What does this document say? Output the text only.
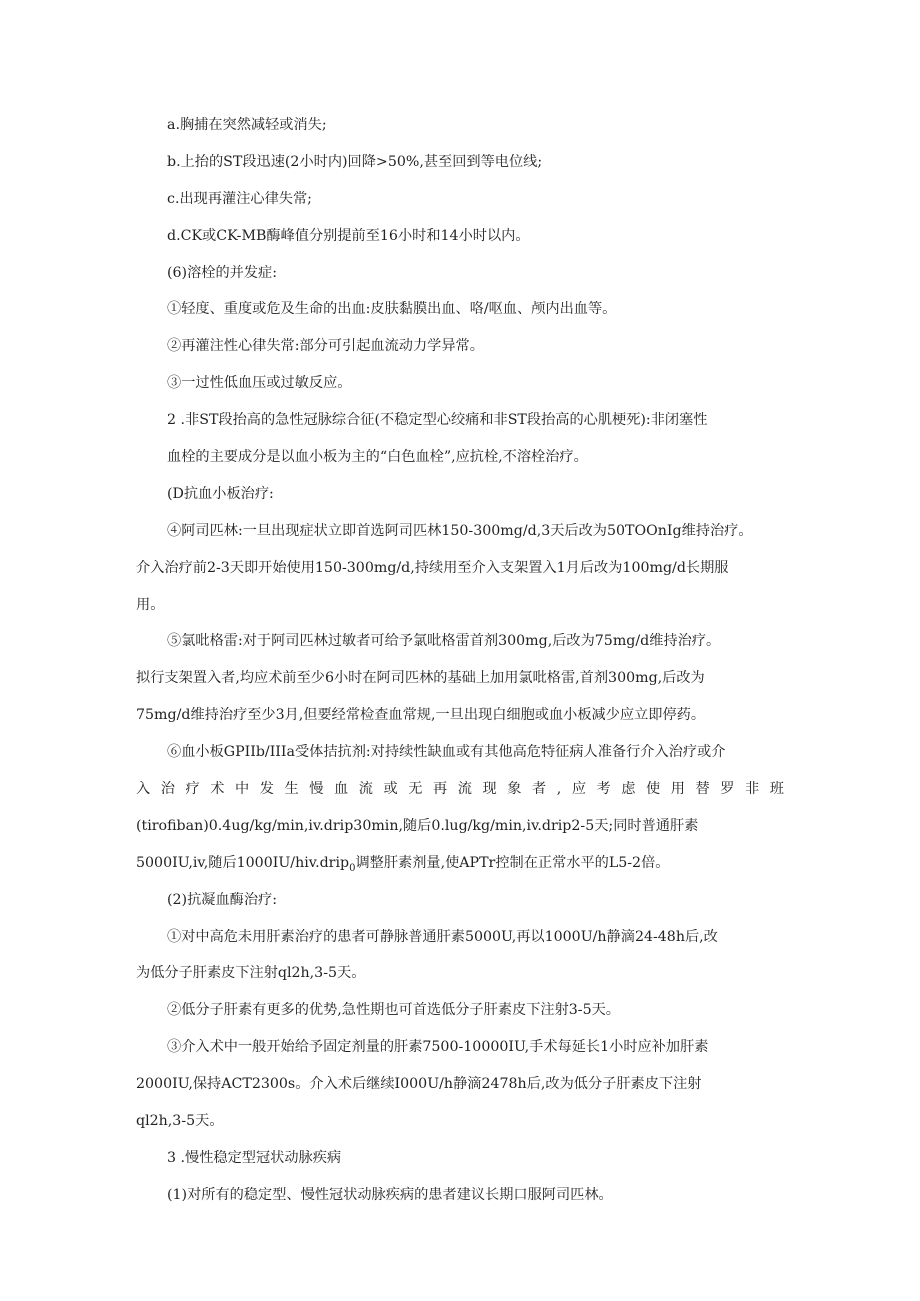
a.胸捕在突然减轻或消失;
b.上抬的ST段迅速(2小时内)回降>50%,甚至回到等电位线;
c.出现再灌注心律失常;
d.CK或CK-MB酶峰值分别提前至16小时和14小时以内。
(6)溶栓的并发症:
①轻度、重度或危及生命的出血:皮肤黏膜出血、咯/呕血、颅内出血等。
②再灌注性心律失常:部分可引起血流动力学异常。
③一过性低血压或过敏反应。
2 .非ST段抬高的急性冠脉综合征(不稳定型心绞痛和非ST段抬高的心肌梗死):非闭塞性
血栓的主要成分是以血小板为主的“白色血栓”,应抗栓,不溶栓治疗。
(D抗血小板治疗:
④阿司匹林:一旦出现症状立即首选阿司匹林150-300mg/d,3天后改为50TOOnIg维持治疗。
介入治疗前2-3天即开始使用150-300mg/d,持续用至介入支架置入1月后改为100mg/d长期服
用。
⑤氯吡格雷:对于阿司匹林过敏者可给予氯吡格雷首剂300mg,后改为75mg/d维持治疗。
拟行支架置入者,均应术前至少6小时在阿司匹林的基础上加用氯吡格雷,首剂300mg,后改为
75mg/d维持治疗至少3月,但要经常检查血常规,一旦出现白细胞或血小板减少应立即停药。
⑥血小板GPIIb/IIIa受体拮抗剂:对持续性缺血或有其他高危特征病人准备行介入治疗或介
入治疗术中发生慢血流或无再流现象者,应考虑使用替罗非班
(tirofiban)0.4ug/kg/min,iv.drip30min,随后0.lug/kg/min,iv.drip2-5天;同时普通肝素
5000IU,iv,随后1000IU/hiv.drip$_0$调整肝素剂量,使APTr控制在正常水平的L5-2倍。
(2)抗凝血酶治疗:
①对中高危未用肝素治疗的患者可静脉普通肝素5000U,再以1000U/h静滴24-48h后,改
为低分子肝素皮下注射ql2h,3-5天。
②低分子肝素有更多的优势,急性期也可首选低分子肝素皮下注射3-5天。
③介入术中一般开始给予固定剂量的肝素7500-10000IU,手术每延长1小时应补加肝素
2000IU,保持ACT2300s。介入术后继续I000U/h静滴2478h后,改为低分子肝素皮下注射
ql2h,3-5天。
3 .慢性稳定型冠状动脉疾病
(1)对所有的稳定型、慢性冠状动脉疾病的患者建议长期口服阿司匹林。
